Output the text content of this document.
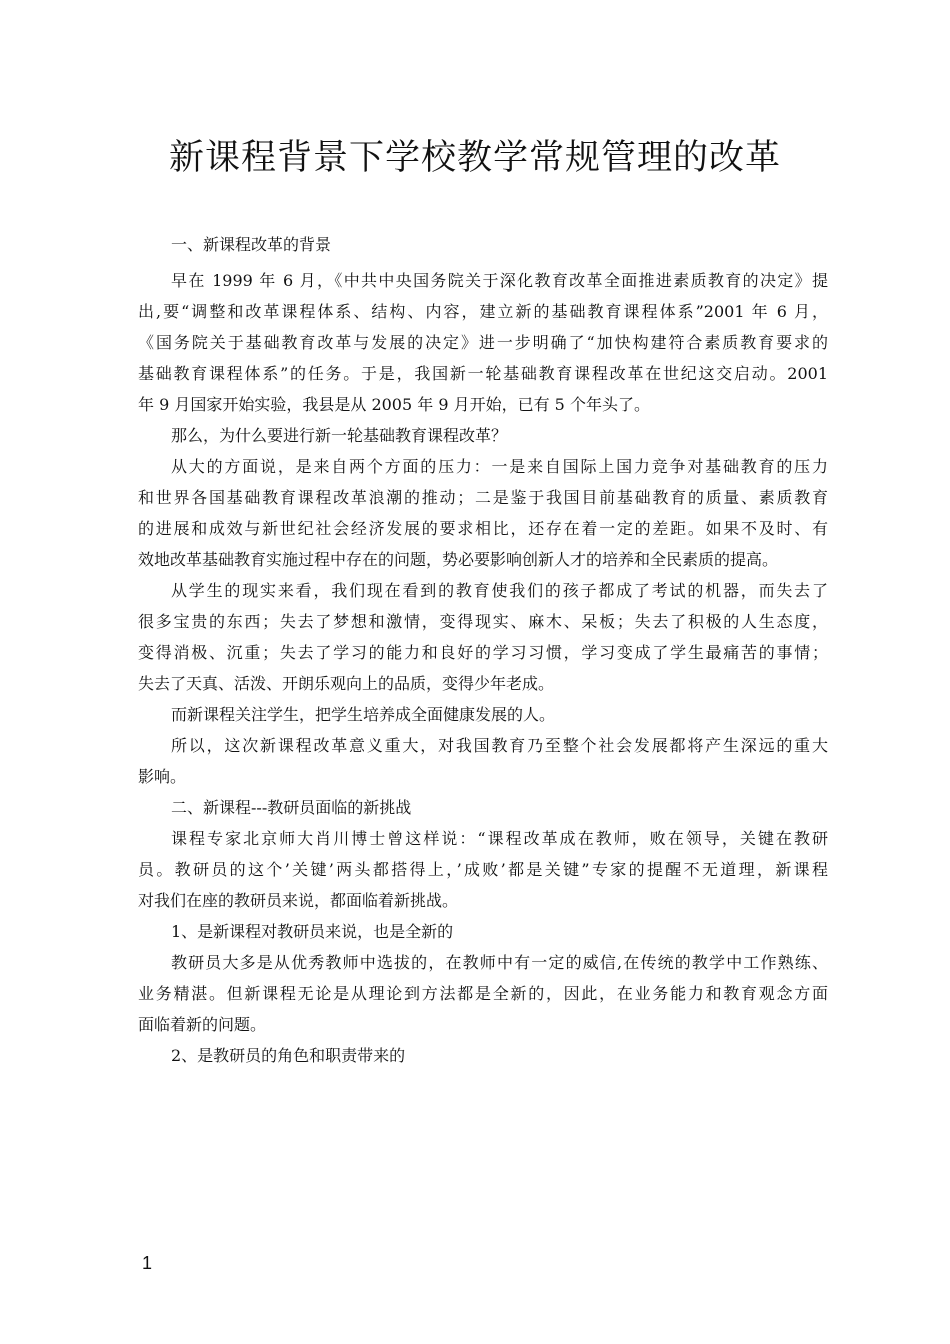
新课程背景下学校教学常规管理的改革
一、新课程改革的背景
早在 1999 年 6 月，《中共中央国务院关于深化教育改革全面推进素质教育的决定》提
出,要“调整和改革课程体系、结构、内容，建立新的基础教育课程体系”2001 年 6 月，
《国务院关于基础教育改革与发展的决定》进一步明确了“加快构建符合素质教育要求的
基础教育课程体系”的任务。于是，我国新一轮基础教育课程改革在世纪这交启动。2001
年 9 月国家开始实验，我县是从 2005 年 9 月开始，已有 5 个年头了。
那么，为什么要进行新一轮基础教育课程改革？
从大的方面说，是来自两个方面的压力：一是来自国际上国力竞争对基础教育的压力
和世界各国基础教育课程改革浪潮的推动；二是鉴于我国目前基础教育的质量、素质教育
的进展和成效与新世纪社会经济发展的要求相比，还存在着一定的差距。如果不及时、有
效地改革基础教育实施过程中存在的问题，势必要影响创新人才的培养和全民素质的提高。
从学生的现实来看，我们现在看到的教育使我们的孩子都成了考试的机器，而失去了
很多宝贵的东西；失去了梦想和激情，变得现实、麻木、呆板；失去了积极的人生态度，
变得消极、沉重；失去了学习的能力和良好的学习习惯，学习变成了学生最痛苦的事情；
失去了天真、活泼、开朗乐观向上的品质，变得少年老成。
而新课程关注学生，把学生培养成全面健康发展的人。
所以，这次新课程改革意义重大，对我国教育乃至整个社会发展都将产生深远的重大
影响。
二、新课程---教研员面临的新挑战
课程专家北京师大肖川博士曾这样说：“课程改革成在教师，败在领导，关键在教研
员。教研员的这个’关键’两头都搭得上，’成败’都是关键”专家的提醒不无道理，新课程
对我们在座的教研员来说，都面临着新挑战。
1、是新课程对教研员来说，也是全新的
教研员大多是从优秀教师中选拔的，在教师中有一定的威信,在传统的教学中工作熟练、
业务精湛。但新课程无论是从理论到方法都是全新的，因此，在业务能力和教育观念方面
面临着新的问题。
2、是教研员的角色和职责带来的
1
